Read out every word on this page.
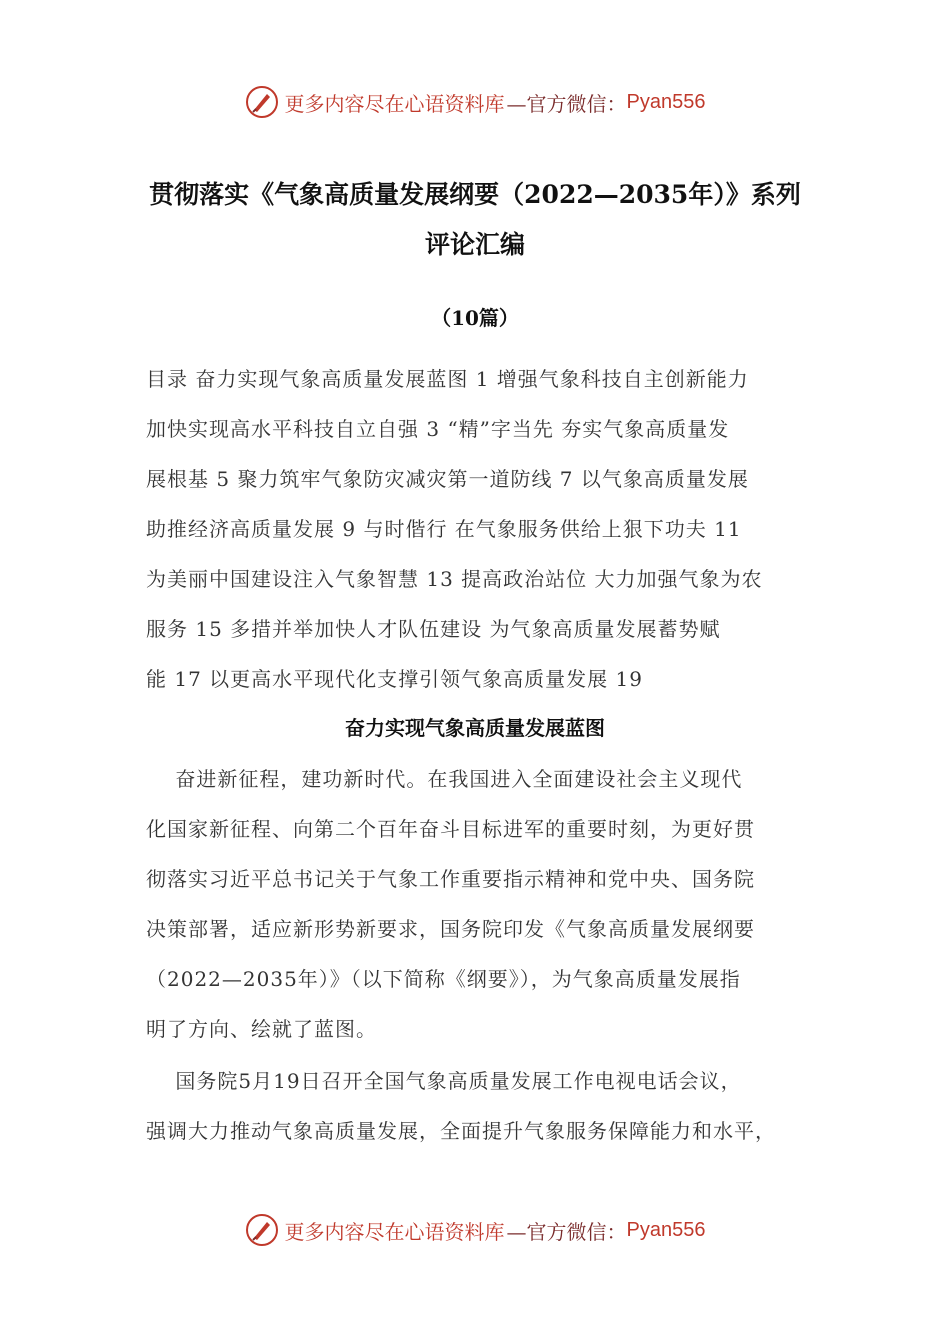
更多内容尽在心语资料库 —官方微信： Pyan556
贯彻落实《气象高质量发展纲要（2022—2035年）》系列
评论汇编
（10篇）
目录 奋力实现气象高质量发展蓝图 1 增强气象科技自主创新能力
加快实现高水平科技自立自强 3 “精”字当先 夯实气象高质量发
展根基 5 聚力筑牢气象防灾减灾第一道防线 7 以气象高质量发展
助推经济高质量发展 9 与时偕行 在气象服务供给上狠下功夫 11
为美丽中国建设注入气象智慧 13 提高政治站位 大力加强气象为农
服务 15 多措并举加快人才队伍建设 为气象高质量发展蓄势赋
能 17 以更高水平现代化支撑引领气象高质量发展 19
奋力实现气象高质量发展蓝图
奋进新征程，建功新时代。在我国进入全面建设社会主义现代
化国家新征程、向第二个百年奋斗目标进军的重要时刻，为更好贯
彻落实习近平总书记关于气象工作重要指示精神和党中央、国务院
决策部署，适应新形势新要求，国务院印发《气象高质量发展纲要
（2022—2035年）》（以下简称《纲要》），为气象高质量发展指
明了方向、绘就了蓝图。
国务院5月19日召开全国气象高质量发展工作电视电话会议，
强调大力推动气象高质量发展，全面提升气象服务保障能力和水平，
更多内容尽在心语资料库 —官方微信： Pyan556
